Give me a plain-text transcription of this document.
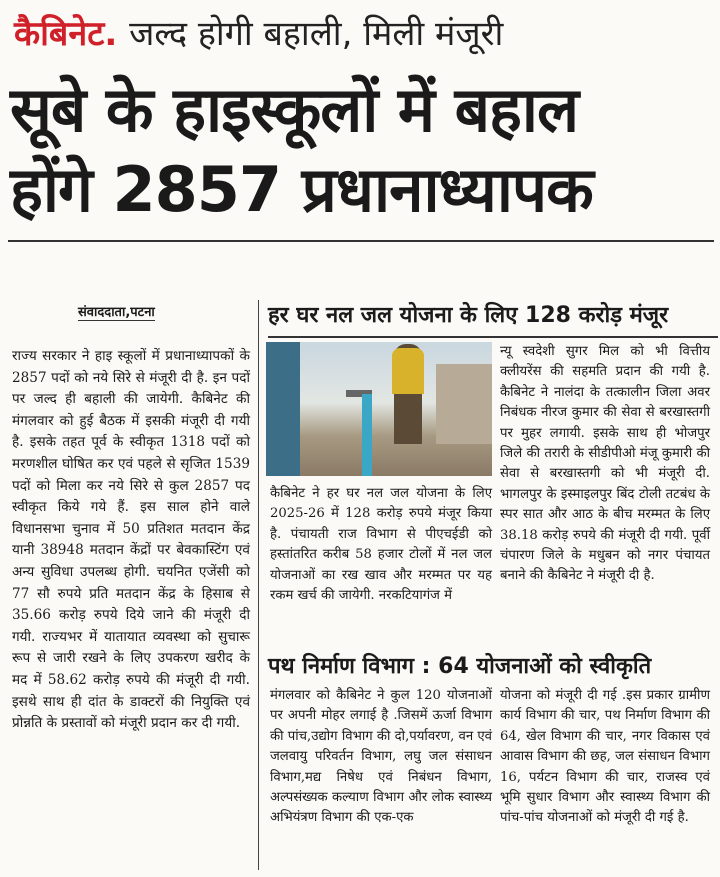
कैबिनेट. जल्द होगी बहाली, मिली मंजूरी
सूबे के हाइस्कूलों में बहाल
होंगे 2857 प्रधानाध्यापक
संवाददाता,पटना
राज्य सरकार ने हाइ स्कूलों में प्रधानाध्यापकों के 2857 पदों को नये सिरे से मंजूरी दी है. इन पदों पर जल्द ही बहाली की जायेगी. कैबिनेट की मंगलवार को हुई बैठक में इसकी मंजूरी दी गयी है. इसके तहत पूर्व के स्वीकृत 1318 पदों को मरणशील घोषित कर एवं पहले से सृजित 1539 पदों को मिला कर नये सिरे से कुल 2857 पद स्वीकृत किये गये हैं. इस साल होने वाले विधानसभा चुनाव में 50 प्रतिशत मतदान केंद्र यानी 38948 मतदान केंद्रों पर बेवकास्टिंग एवं अन्य सुविधा उपलब्ध होगी. चयनित एजेंसी को 77 सौ रुपये प्रति मतदान केंद्र के हिसाब से 35.66 करोड़ रुपये दिये जाने की मंजूरी दी गयी. राज्यभर में यातायात व्यवस्था को सुचारू रूप से जारी रखने के लिए उपकरण खरीद के मद में 58.62 करोड़ रुपये की मंजूरी दी गयी. इसथे साथ ही दांत के डाक्टरों की नियुक्ति एवं प्रोन्नति के प्रस्तावों को मंजूरी प्रदान कर दी गयी.
हर घर नल जल योजना के लिए 128 करोड़ मंजूर
कैबिनेट ने हर घर नल जल योजना के लिए 2025-26 में 128 करोड़ रुपये मंजूर किया है. पंचायती राज विभाग से पीएचईडी को हस्तांतरित करीब 58 हजार टोलों में नल जल योजनाओं का रख खाव और मरम्मत पर यह रकम खर्च की जायेगी. नरकटियागंज में
न्यू स्वदेशी सुगर मिल को भी वित्तीय क्लीयरेंस की सहमति प्रदान की गयी है. कैबिनेट ने नालंदा के तत्कालीन जिला अवर निबंधक नीरज कुमार की सेवा से बरखास्तगी पर मुहर लगायी. इसके साथ ही भोजपुर जिले की तरारी के सीडीपीओ मंजू कुमारी की सेवा से बरखास्तगी को भी मंजूरी दी. भागलपुर के इस्माइलपुर बिंद टोली तटबंध के स्पर सात और आठ के बीच मरम्मत के लिए 38.18 करोड़ रुपये की मंजूरी दी गयी. पूर्वी चंपारण जिले के मधुबन को नगर पंचायत बनाने की कैबिनेट ने मंजूरी दी है.
पथ निर्माण विभाग : 64 योजनाओं को स्वीकृति
मंगलवार को कैबिनेट ने कुल 120 योजनाओं पर अपनी मोहर लगाई है .जिसमें ऊर्जा विभाग की पांच,उद्योग विभाग की दो,पर्यावरण, वन एवं जलवायु परिवर्तन विभाग, लघु जल संसाधन विभाग,मद्य निषेध एवं निबंधन विभाग, अल्पसंख्यक कल्याण विभाग और लोक स्वास्थ्य अभियंत्रण विभाग की एक-एक
योजना को मंजूरी दी गई .इस प्रकार ग्रामीण कार्य विभाग की चार, पथ निर्माण विभाग की 64, खेल विभाग की चार, नगर विकास एवं आवास विभाग की छह, जल संसाधन विभाग 16, पर्यटन विभाग की चार, राजस्व एवं भूमि सुधार विभाग और स्वास्थ्य विभाग की पांच-पांच योजनाओं को मंजूरी दी गई है.
